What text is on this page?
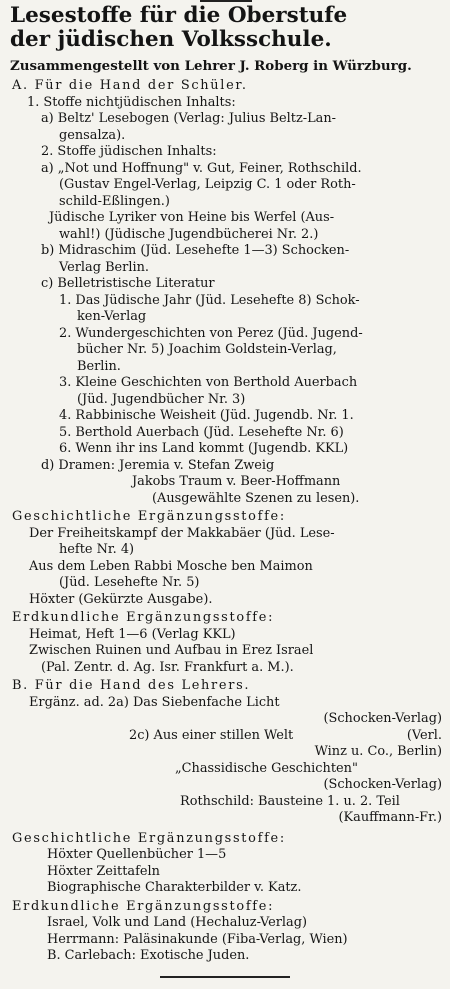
Lesestoffe für die Oberstufe
der jüdischen Volksschule.
Zusammengestellt von Lehrer J. Roberg in Würzburg.
A. Für die Hand der Schüler.
1. Stoffe nichtjüdischen Inhalts:
a) Beltz' Lesebogen (Verlag: Julius Beltz-Lan-
gensalza).
2. Stoffe jüdischen Inhalts:
a) „Not und Hoffnung" v. Gut, Feiner, Rothschild.
(Gustav Engel-Verlag, Leipzig C. 1 oder Roth-
schild-Eßlingen.)
Jüdische Lyriker von Heine bis Werfel (Aus-
wahl!) (Jüdische Jugendbücherei Nr. 2.)
b) Midraschim (Jüd. Lesehefte 1—3) Schocken-
Verlag Berlin.
c) Belletristische Literatur
1. Das Jüdische Jahr (Jüd. Lesehefte 8) Schok-
ken-Verlag
2. Wundergeschichten von Perez (Jüd. Jugend-
bücher Nr. 5) Joachim Goldstein-Verlag,
Berlin.
3. Kleine Geschichten von Berthold Auerbach
(Jüd. Jugendbücher Nr. 3)
4. Rabbinische Weisheit (Jüd. Jugendb. Nr. 1.
5. Berthold Auerbach (Jüd. Lesehefte Nr. 6)
6. Wenn ihr ins Land kommt (Jugendb. KKL)
d) Dramen: Jeremia v. Stefan Zweig
Jakobs Traum v. Beer-Hoffmann
(Ausgewählte Szenen zu lesen).
Geschichtliche Ergänzungsstoffe:
Der Freiheitskampf der Makkabäer (Jüd. Lese-
hefte Nr. 4)
Aus dem Leben Rabbi Mosche ben Maimon
(Jüd. Lesehefte Nr. 5)
Höxter (Gekürzte Ausgabe).
Erdkundliche Ergänzungsstoffe:
Heimat, Heft 1—6 (Verlag KKL)
Zwischen Ruinen und Aufbau in Erez Israel
(Pal. Zentr. d. Ag. Isr. Frankfurt a. M.).
B. Für die Hand des Lehrers.
Ergänz. ad. 2a) Das Siebenfache Licht
(Schocken-Verlag)
2c) Aus einer stillen Welt	(Verl.
Winz u. Co., Berlin)
„Chassidische Geschichten"
(Schocken-Verlag)
Rothschild: Bausteine 1. u. 2. Teil
(Kauffmann-Fr.)
Geschichtliche Ergänzungsstoffe:
Höxter Quellenbücher 1—5
Höxter Zeittafeln
Biographische Charakterbilder v. Katz.
Erdkundliche Ergänzungsstoffe:
Israel, Volk und Land (Hechaluz-Verlag)
Herrmann: Paläsinakunde (Fiba-Verlag, Wien)
B. Carlebach: Exotische Juden.
